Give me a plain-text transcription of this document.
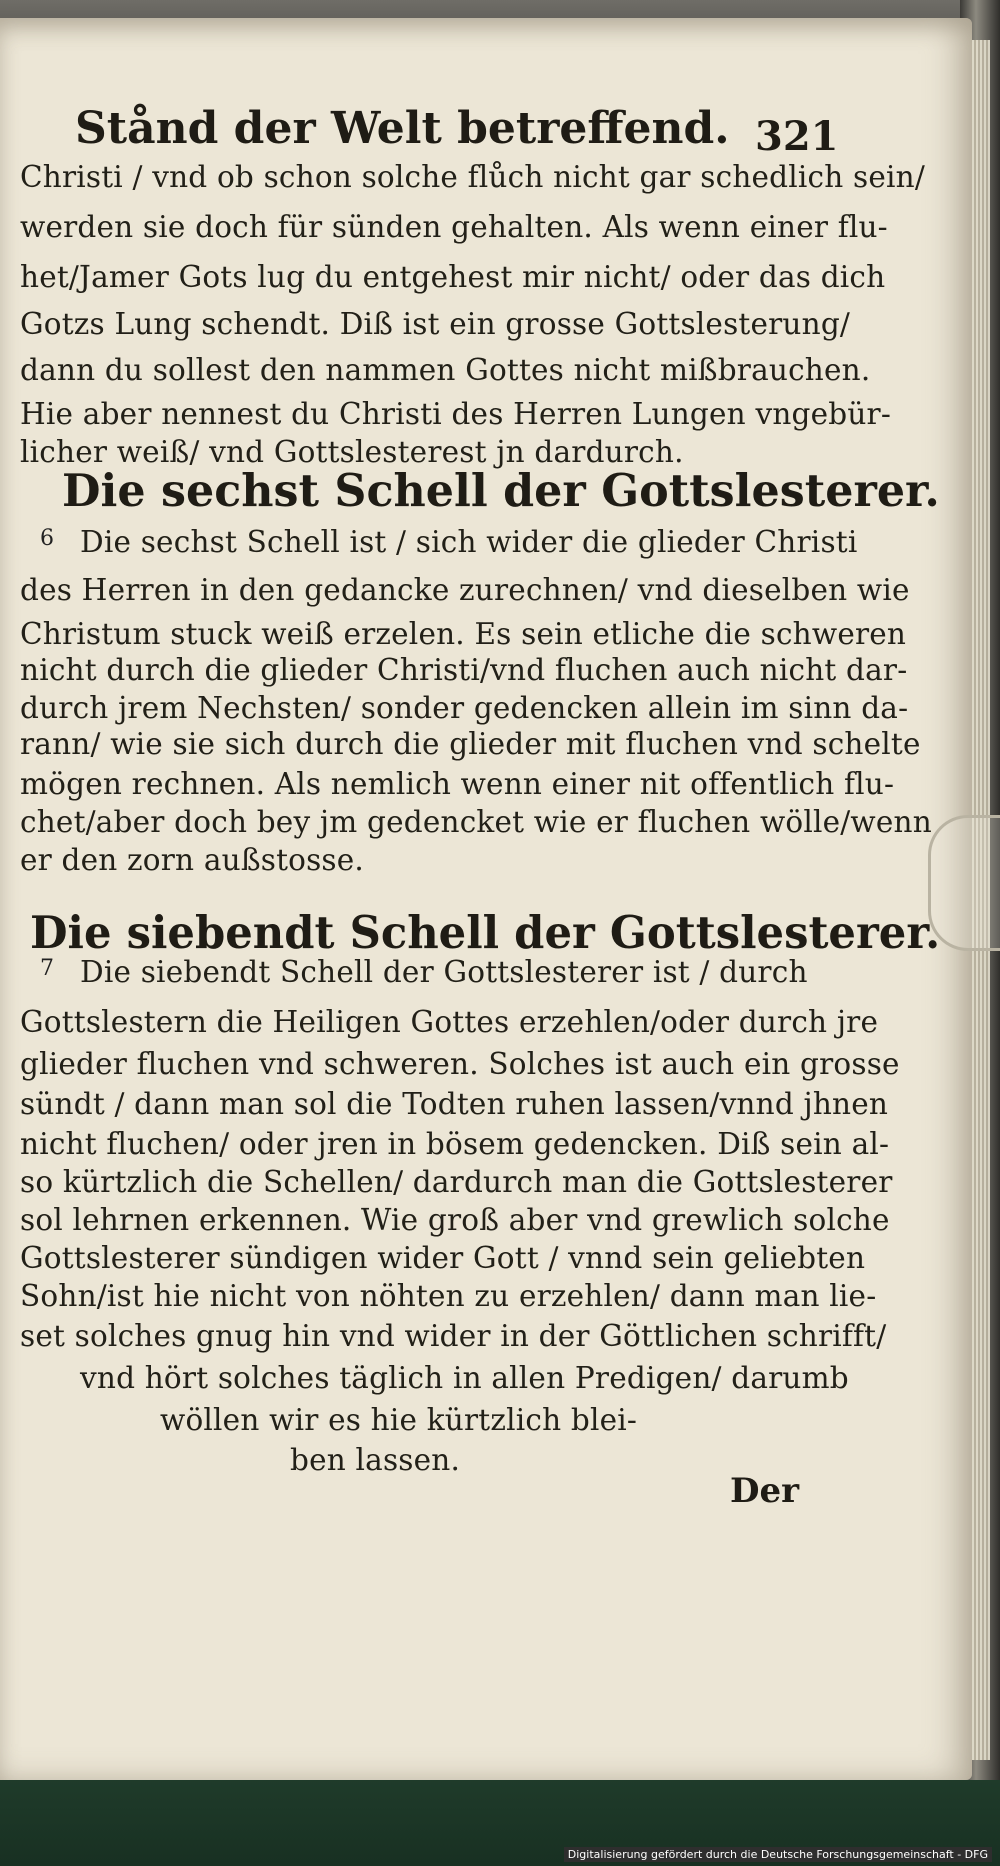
Stånd der Welt betreffend. 321

Christi / vnd ob schon solche flůch nicht gar schedlich sein/

werden sie doch für sünden gehalten. Als wenn einer flu-

het/Jamer Gots lug du entgehest mir nicht/ oder das dich

Gotzs Lung schendt. Diß ist ein grosse Gottslesterung/

dann du sollest den nammen Gottes nicht mißbrauchen.

Hie aber nennest du Christi des Herren Lungen vngebür-

licher weiß/ vnd Gottslesterest jn dardurch.

Die sechst Schell der Gottslesterer.

6 Die sechst Schell ist / sich wider die glieder Christi

des Herren in den gedancke zurechnen/ vnd dieselben wie

Christum stuck weiß erzelen. Es sein etliche die schweren

nicht durch die glieder Christi/vnd fluchen auch nicht dar-

durch jrem Nechsten/ sonder gedencken allein im sinn da-

rann/ wie sie sich durch die glieder mit fluchen vnd schelte

mögen rechnen. Als nemlich wenn einer nit offentlich flu-

chet/aber doch bey jm gedencket wie er fluchen wölle/wenn

er den zorn außstosse.

Die siebendt Schell der Gottslesterer.

7 Die siebendt Schell der Gottslesterer ist / durch

Gottslestern die Heiligen Gottes erzehlen/oder durch jre

glieder fluchen vnd schweren. Solches ist auch ein grosse

sündt / dann man sol die Todten ruhen lassen/vnnd jhnen

nicht fluchen/ oder jren in bösem gedencken. Diß sein al-

so kürtzlich die Schellen/ dardurch man die Gottslesterer

sol lehrnen erkennen. Wie groß aber vnd grewlich solche

Gottslesterer sündigen wider Gott / vnnd sein geliebten

Sohn/ist hie nicht von nöhten zu erzehlen/ dann man lie-

set solches gnug hin vnd wider in der Göttlichen schrifft/

vnd hört solches täglich in allen Predigen/ darumb

wöllen wir es hie kürtzlich blei-

ben lassen.

Der

Digitalisierung gefördert durch die Deutsche Forschungsgemeinschaft - DFG
